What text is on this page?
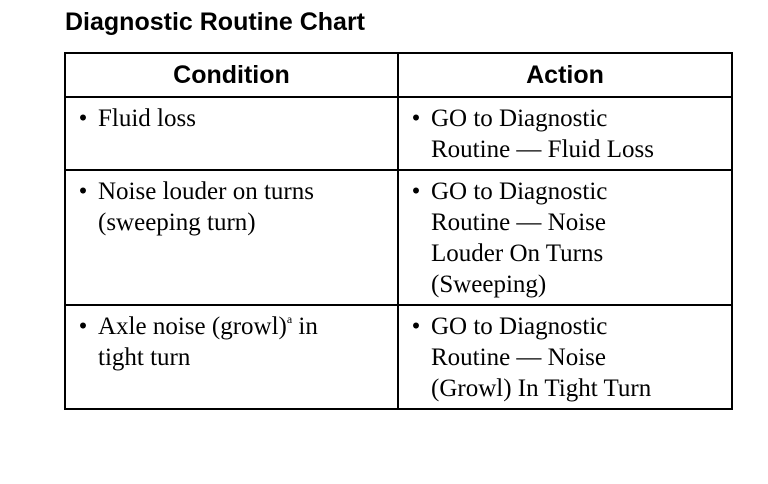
Diagnostic Routine Chart
Condition	Action

• Fluid loss	• GO to Diagnostic
Routine — Fluid Loss

• Noise louder on turns
(sweeping turn)	• GO to Diagnostic
Routine — Noise
Louder On Turns
(Sweeping)

• Axle noise (growl)$^a$ in
tight turn	• GO to Diagnostic
Routine — Noise
(Growl) In Tight Turn
